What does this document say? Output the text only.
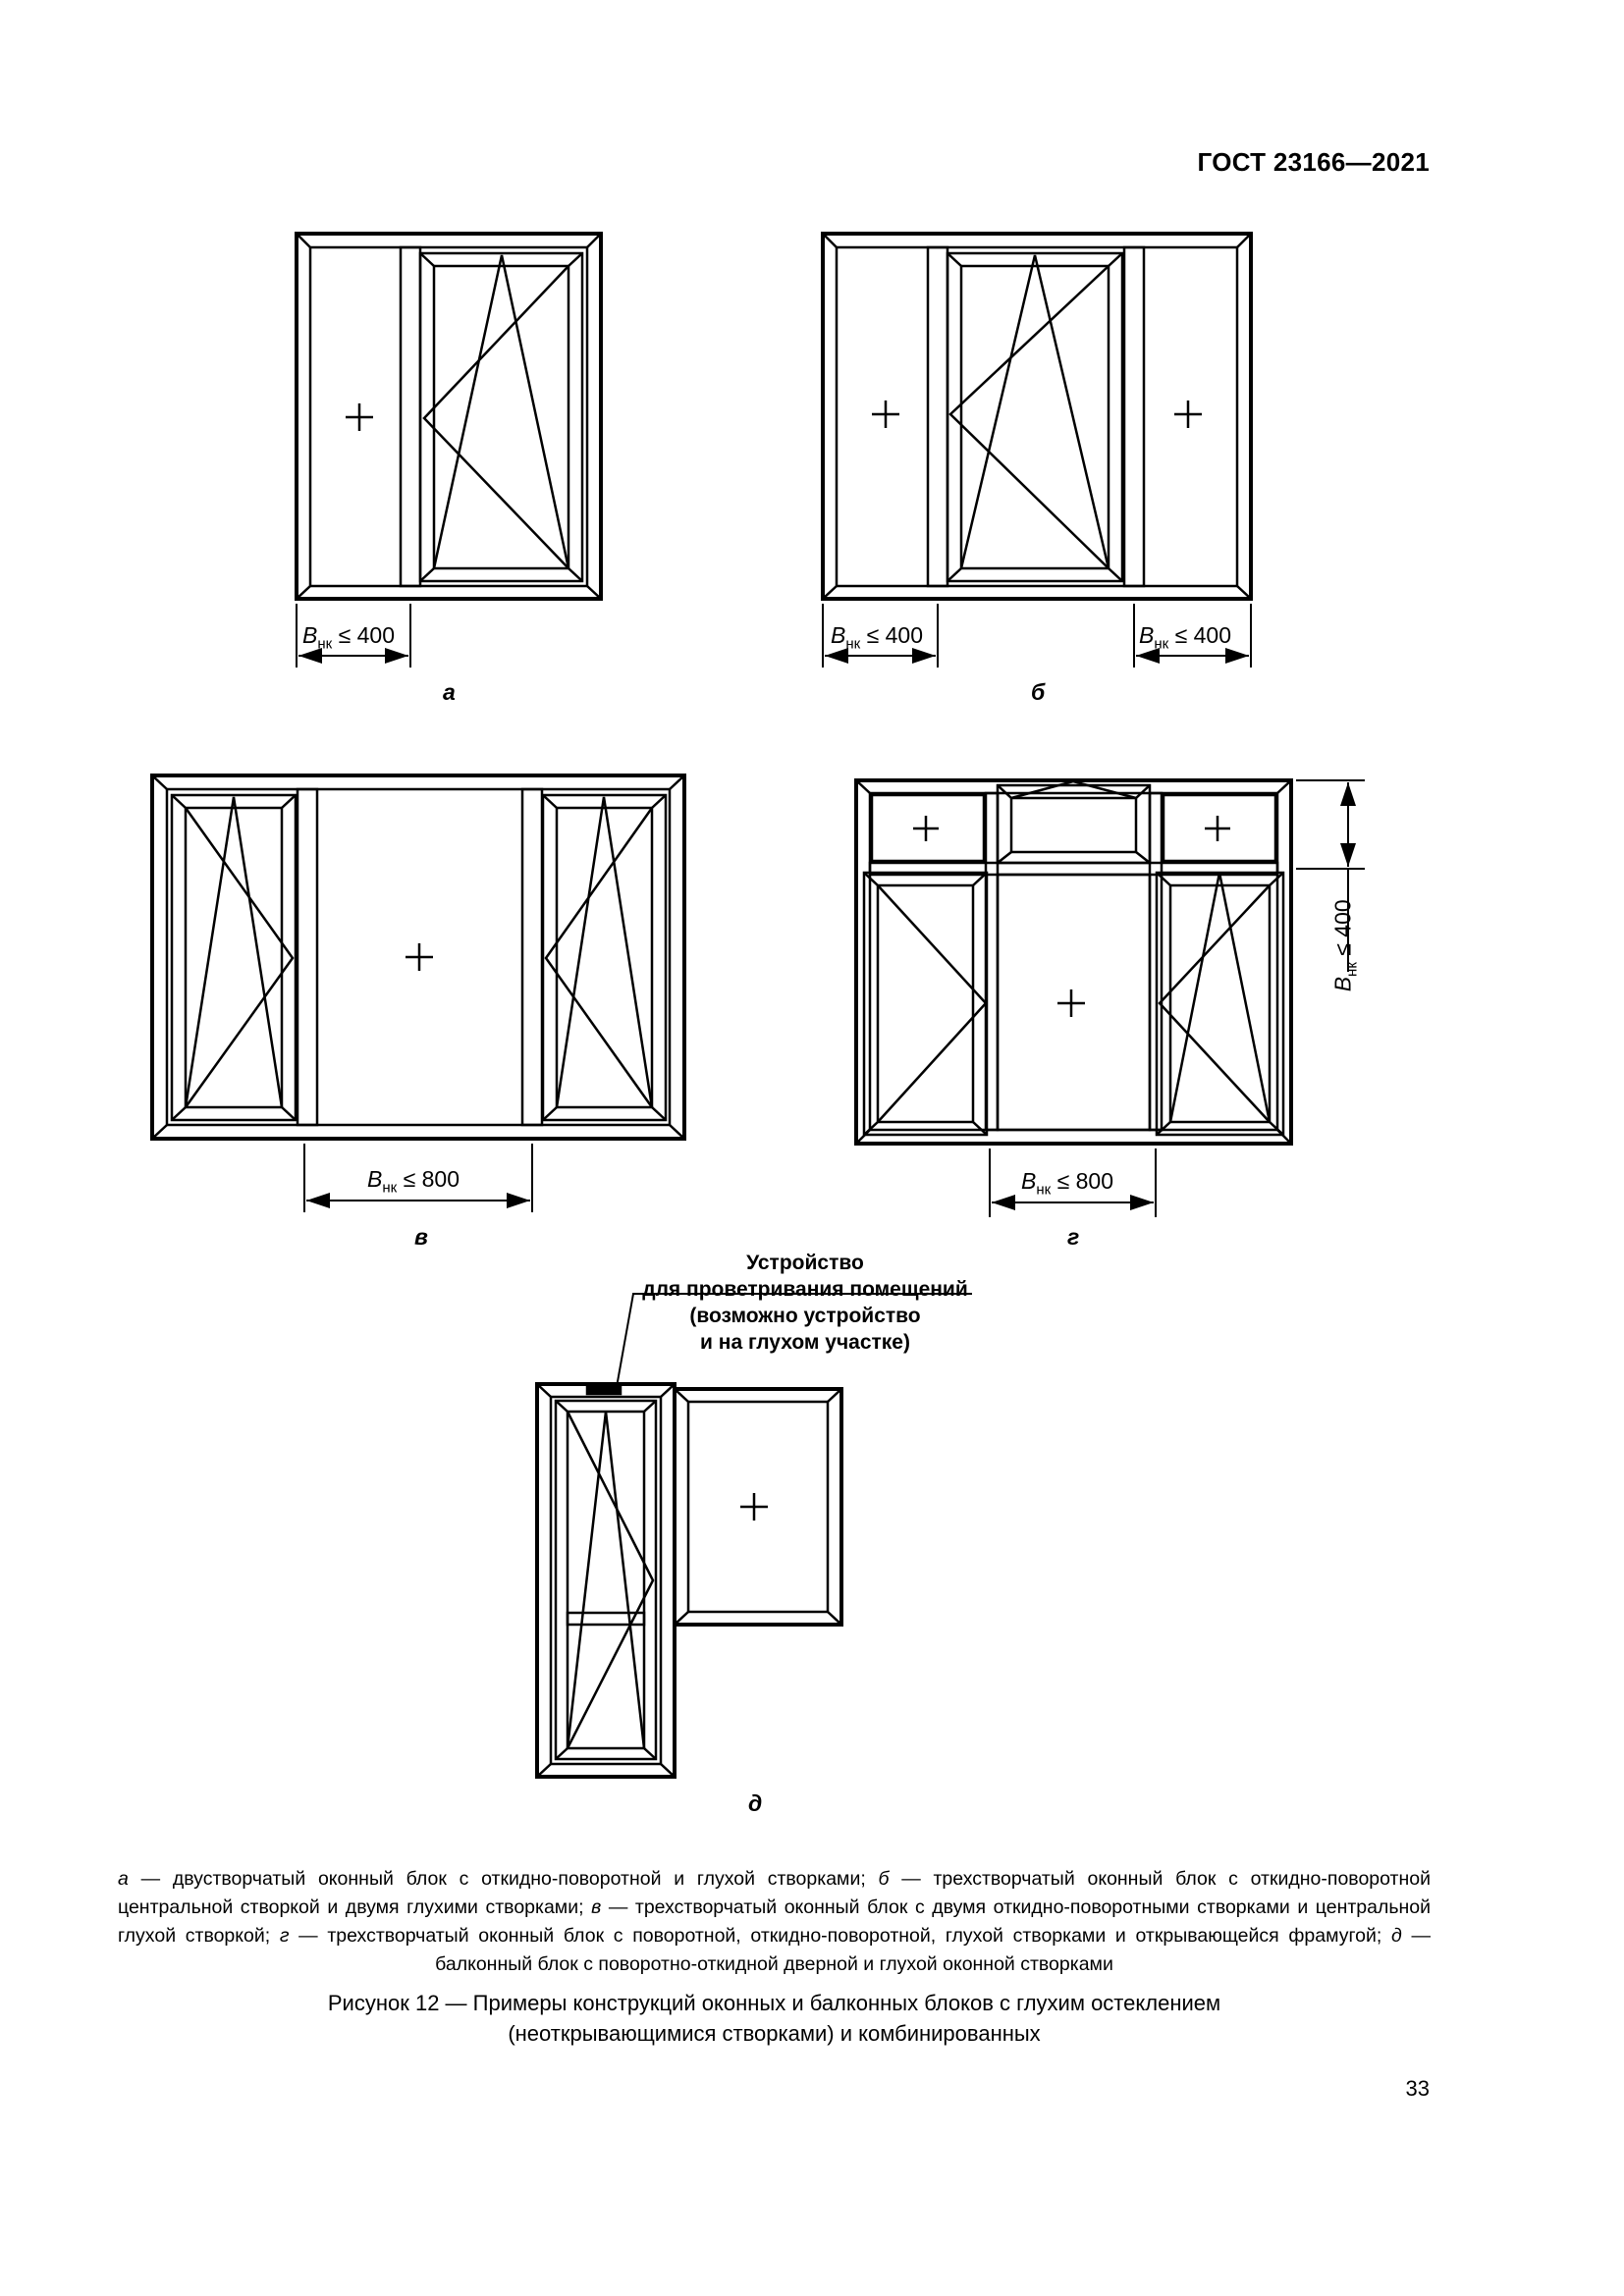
ГОСТ 23166—2021
$B_{нк} \le 400$
а
$B_{нк} \le 400$	$B_{нк} \le 400$
б
$B_{нк} \le 800$
в
$B_{нк} \le 800$
$B_{нк} \le 400$
г
Устройство
для проветривания помещений
(возможно устройство
и на глухом участке)
д
а — двустворчатый оконный блок с откидно-поворотной и глухой створками; б — трехстворчатый оконный блок с откидно-поворотной центральной створкой и двумя глухими створками; в — трехстворчатый оконный блок с двумя откидно-поворотными створками и центральной глухой створкой; г — трехстворчатый оконный блок с поворотной, откидно-поворотной, глухой створками и открывающейся фрамугой; д — балконный блок с поворотно-откидной дверной и глухой оконной створками
Рисунок 12 — Примеры конструкций оконных и балконных блоков с глухим остеклением
(неоткрывающимися створками) и комбинированных
33
